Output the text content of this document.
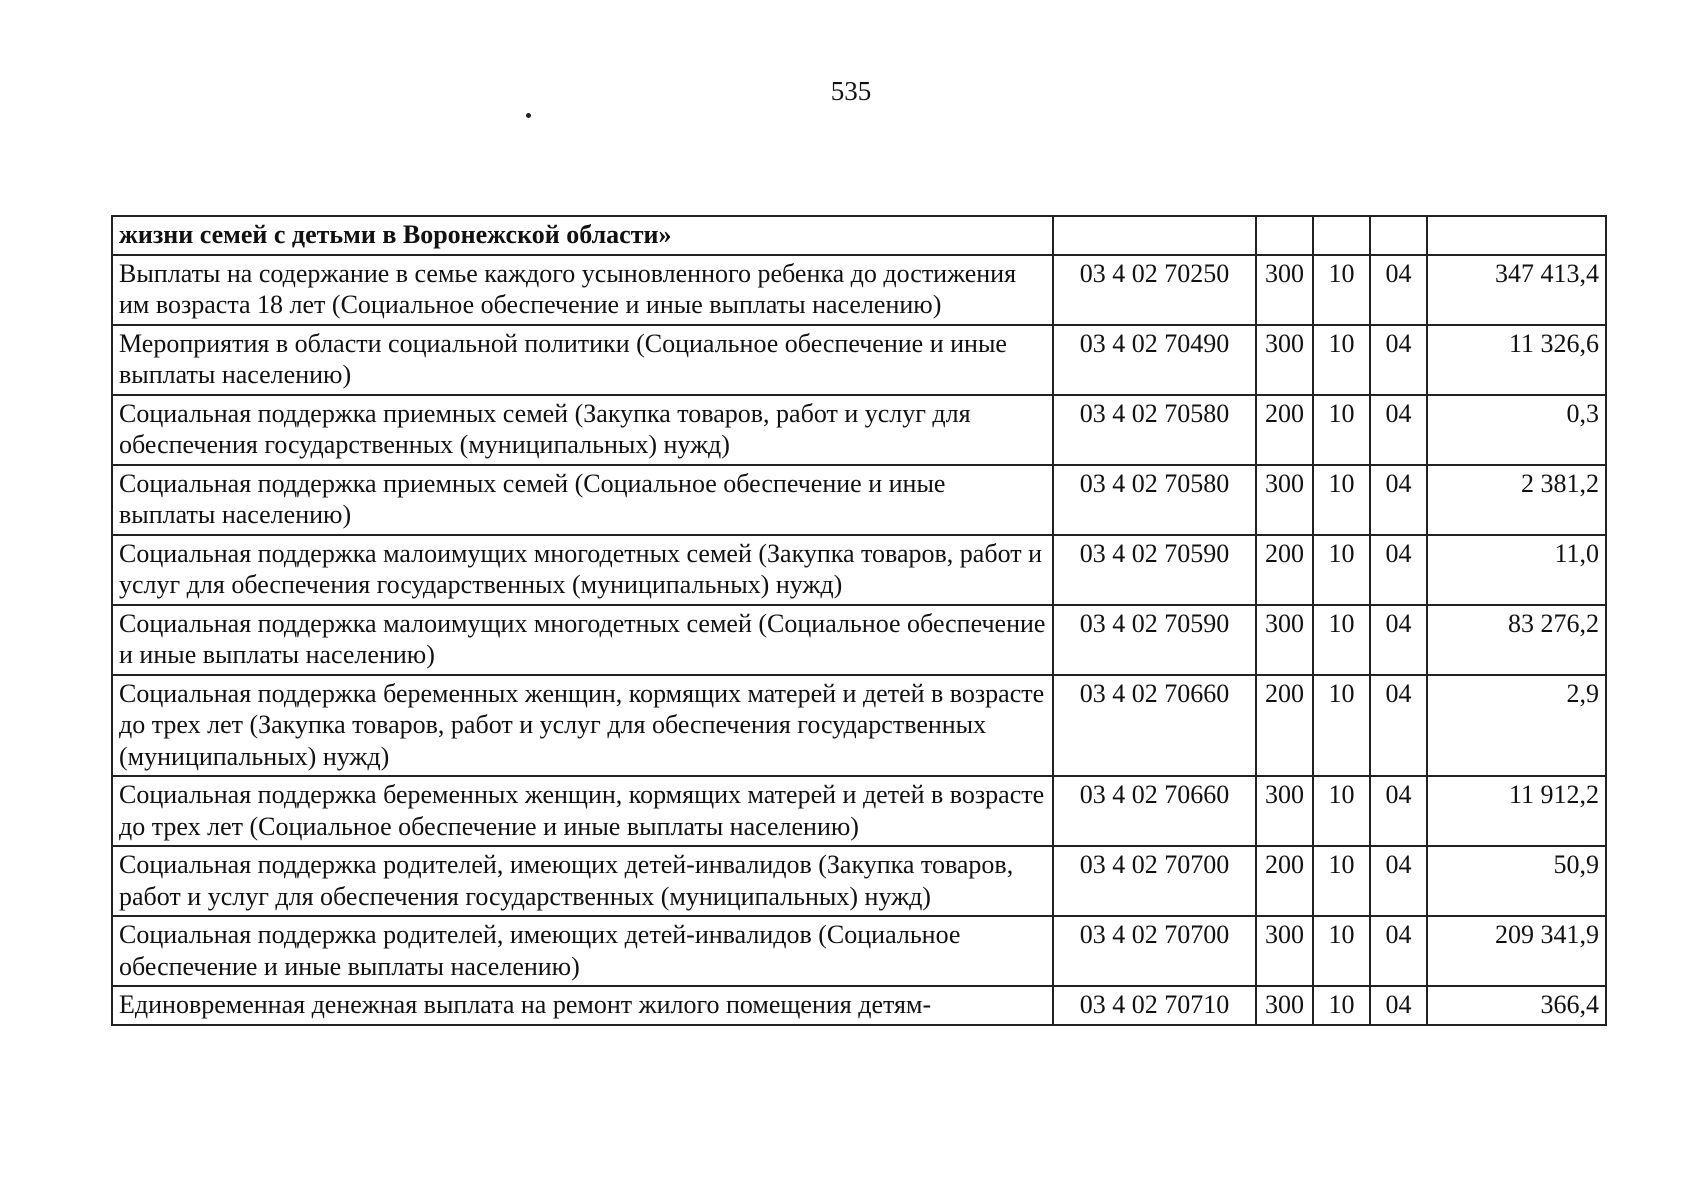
535
жизни семей с детьми в Воронежской области»					
Выплаты на содержание в семье каждого усыновленного ребенка до достижения им возраста 18 лет (Социальное обеспечение и иные выплаты населению)	03 4 02 70250	300	10	04	347 413,4
Мероприятия в области социальной политики (Социальное обеспечение и иные выплаты населению)	03 4 02 70490	300	10	04	11 326,6
Социальная поддержка приемных семей (Закупка товаров, работ и услуг для обеспечения государственных (муниципальных) нужд)	03 4 02 70580	200	10	04	0,3
Социальная поддержка приемных семей (Социальное обеспечение и иные выплаты населению)	03 4 02 70580	300	10	04	2 381,2
Социальная поддержка малоимущих многодетных семей (Закупка товаров, работ и услуг для обеспечения государственных (муниципальных) нужд)	03 4 02 70590	200	10	04	11,0
Социальная поддержка малоимущих многодетных семей (Социальное обеспечение и иные выплаты населению)	03 4 02 70590	300	10	04	83 276,2
Социальная поддержка беременных женщин, кормящих матерей и детей в возрасте до трех лет (Закупка товаров, работ и услуг для обеспечения государственных (муниципальных) нужд)	03 4 02 70660	200	10	04	2,9
Социальная поддержка беременных женщин, кормящих матерей и детей в возрасте до трех лет (Социальное обеспечение и иные выплаты населению)	03 4 02 70660	300	10	04	11 912,2
Социальная поддержка родителей, имеющих детей-инвалидов (Закупка товаров, работ и услуг для обеспечения государственных (муниципальных) нужд)	03 4 02 70700	200	10	04	50,9
Социальная поддержка родителей, имеющих детей-инвалидов (Социальное обеспечение и иные выплаты населению)	03 4 02 70700	300	10	04	209 341,9
Единовременная денежная выплата на ремонт жилого помещения детям-	03 4 02 70710	300	10	04	366,4
